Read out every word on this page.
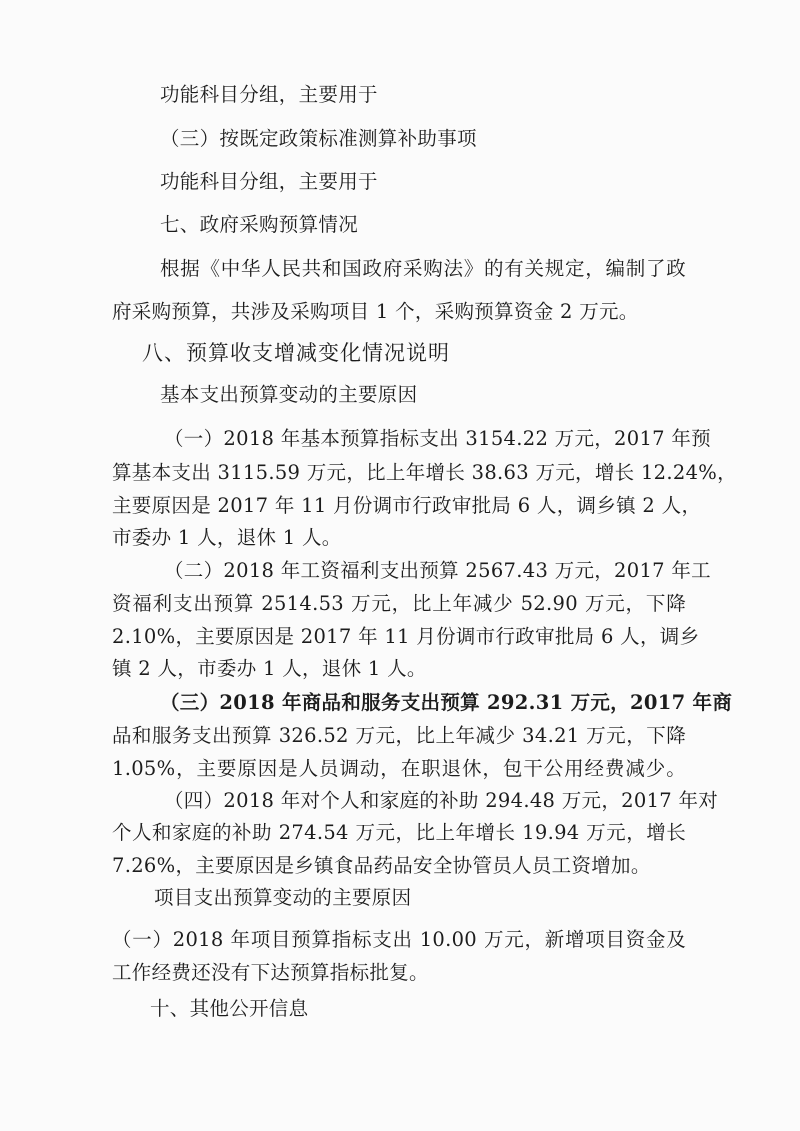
功能科目分组，主要用于

（三）按既定政策标准测算补助事项

功能科目分组，主要用于

七、政府采购预算情况

根据《中华人民共和国政府采购法》的有关规定，编制了政

府采购预算，共涉及采购项目 1 个，采购预算资金 2 万元。

八、预算收支增减变化情况说明

基本支出预算变动的主要原因

（一）2018 年基本预算指标支出 3154.22 万元，2017 年预

算基本支出 3115.59 万元，比上年增长 38.63 万元，增长 12.24%，

主要原因是 2017 年 11 月份调市行政审批局 6 人，调乡镇 2 人，

市委办 1 人，退休 1 人。

（二）2018 年工资福利支出预算 2567.43 万元，2017 年工

资福利支出预算 2514.53 万元，比上年减少 52.90 万元，下降

2.10%，主要原因是 2017 年 11 月份调市行政审批局 6 人，调乡

镇 2 人，市委办 1 人，退休 1 人。

（三）2018 年商品和服务支出预算 292.31 万元，2017 年商

品和服务支出预算 326.52 万元，比上年减少 34.21 万元，下降

1.05%，主要原因是人员调动，在职退休，包干公用经费减少。

（四）2018 年对个人和家庭的补助 294.48 万元，2017 年对

个人和家庭的补助 274.54 万元，比上年增长 19.94 万元，增长

7.26%，主要原因是乡镇食品药品安全协管员人员工资增加。

项目支出预算变动的主要原因

（一）2018 年项目预算指标支出 10.00 万元，新增项目资金及

工作经费还没有下达预算指标批复。

十、其他公开信息
